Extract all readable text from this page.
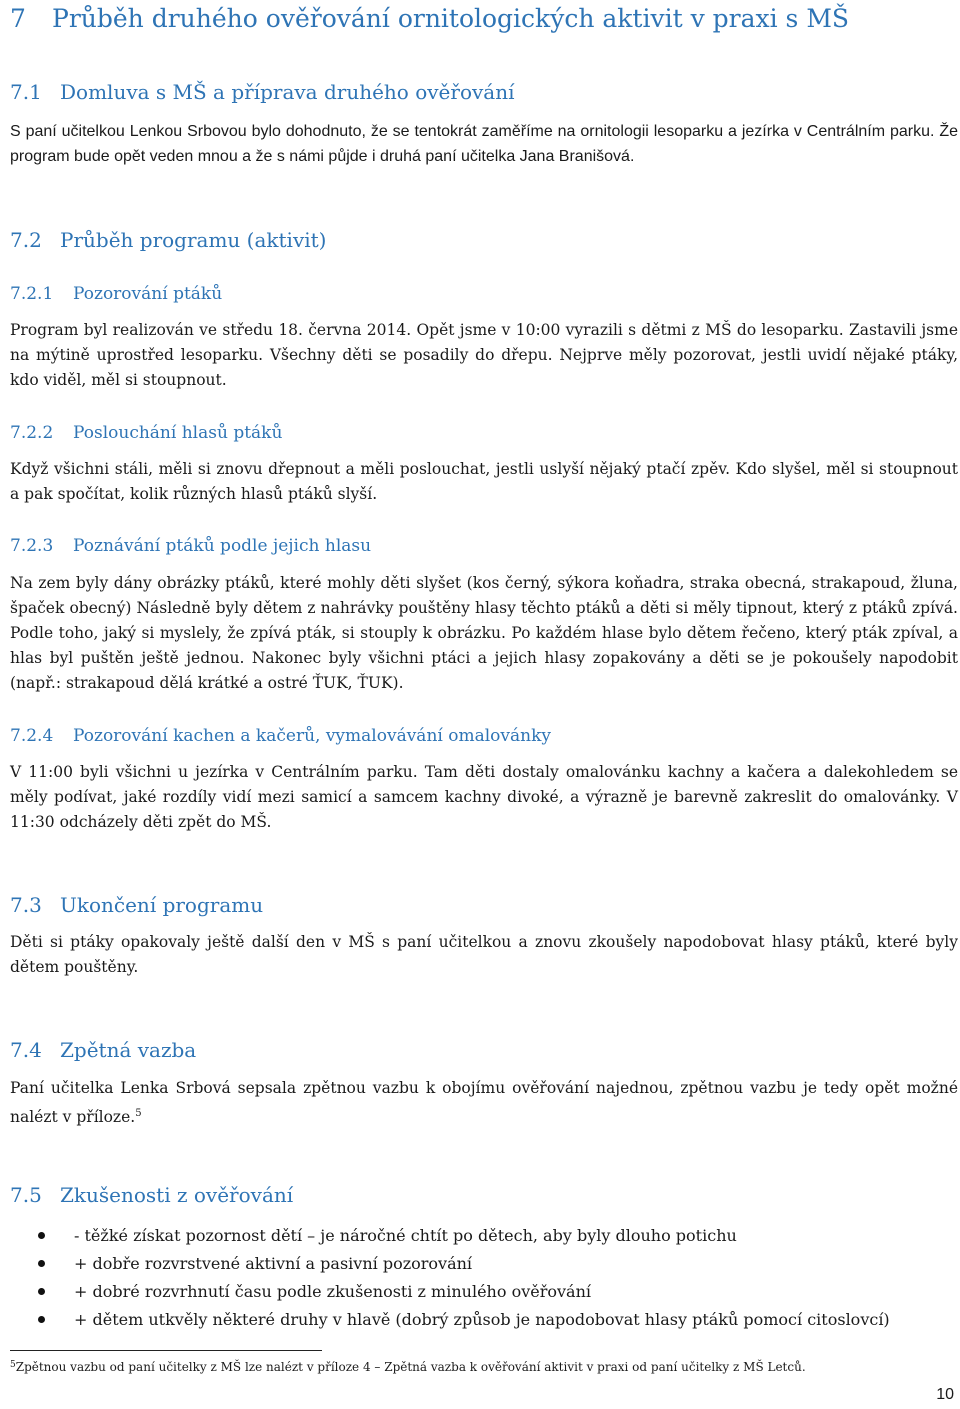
7 Průběh druhého ověřování ornitologických aktivit v praxi s MŠ
7.1 Domluva s MŠ a příprava druhého ověřování

S paní učitelkou Lenkou Srbovou bylo dohodnuto, že se tentokrát zaměříme na ornitologii lesoparku a jezírka v Centrálním parku. Že program bude opět veden mnou a že s námi půjde i druhá paní učitelka Jana Branišová.

7.2 Průběh programu (aktivit)
7.2.1 Pozorování ptáků

Program byl realizován ve středu 18. června 2014. Opět jsme v 10:00 vyrazili s dětmi z MŠ do lesoparku. Zastavili jsme na mýtině uprostřed lesoparku. Všechny děti se posadily do dřepu. Nejprve měly pozorovat, jestli uvidí nějaké ptáky, kdo viděl, měl si stoupnout.

7.2.2 Poslouchání hlasů ptáků

Když všichni stáli, měli si znovu dřepnout a měli poslouchat, jestli uslyší nějaký ptačí zpěv. Kdo slyšel, měl si stoupnout a pak spočítat, kolik různých hlasů ptáků slyší.

7.2.3 Poznávání ptáků podle jejich hlasu

Na zem byly dány obrázky ptáků, které mohly děti slyšet (kos černý, sýkora koňadra, straka obecná, strakapoud, žluna, špaček obecný) Následně byly dětem z nahrávky pouštěny hlasy těchto ptáků a děti si měly tipnout, který z ptáků zpívá. Podle toho, jaký si myslely, že zpívá pták, si stouply k obrázku. Po každém hlase bylo dětem řečeno, který pták zpíval, a hlas byl puštěn ještě jednou. Nakonec byly všichni ptáci a jejich hlasy zopakovány a děti se je pokoušely napodobit (např.: strakapoud dělá krátké a ostré ŤUK, ŤUK).

7.2.4 Pozorování kachen a kačerů, vymalovávání omalovánky

V 11:00 byli všichni u jezírka v Centrálním parku. Tam děti dostaly omalovánku kachny a kačera a dalekohledem se měly podívat, jaké rozdíly vidí mezi samicí a samcem kachny divoké, a výrazně je barevně zakreslit do omalovánky. V 11:30 odcházely děti zpět do MŠ.

7.3 Ukončení programu

Děti si ptáky opakovaly ještě další den v MŠ s paní učitelkou a znovu zkoušely napodobovat hlasy ptáků, které byly dětem pouštěny.

7.4 Zpětná vazba

Paní učitelka Lenka Srbová sepsala zpětnou vazbu k obojímu ověřování najednou, zpětnou vazbu je tedy opět možné nalézt v příloze.$^5$

7.5 Zkušenosti z ověřování
- těžké získat pozornost dětí – je náročné chtít po dětech, aby byly dlouho potichu
+ dobře rozvrstvené aktivní a pasivní pozorování
+ dobré rozvrhnutí času podle zkušenosti z minulého ověřování
+ dětem utkvěly některé druhy v hlavě (dobrý způsob je napodobovat hlasy ptáků pomocí citoslovcí)
$^5$Zpětnou vazbu od paní učitelky z MŠ lze nalézt v příloze 4 – Zpětná vazba k ověřování aktivit v praxi od paní učitelky z MŠ Letců.
10
